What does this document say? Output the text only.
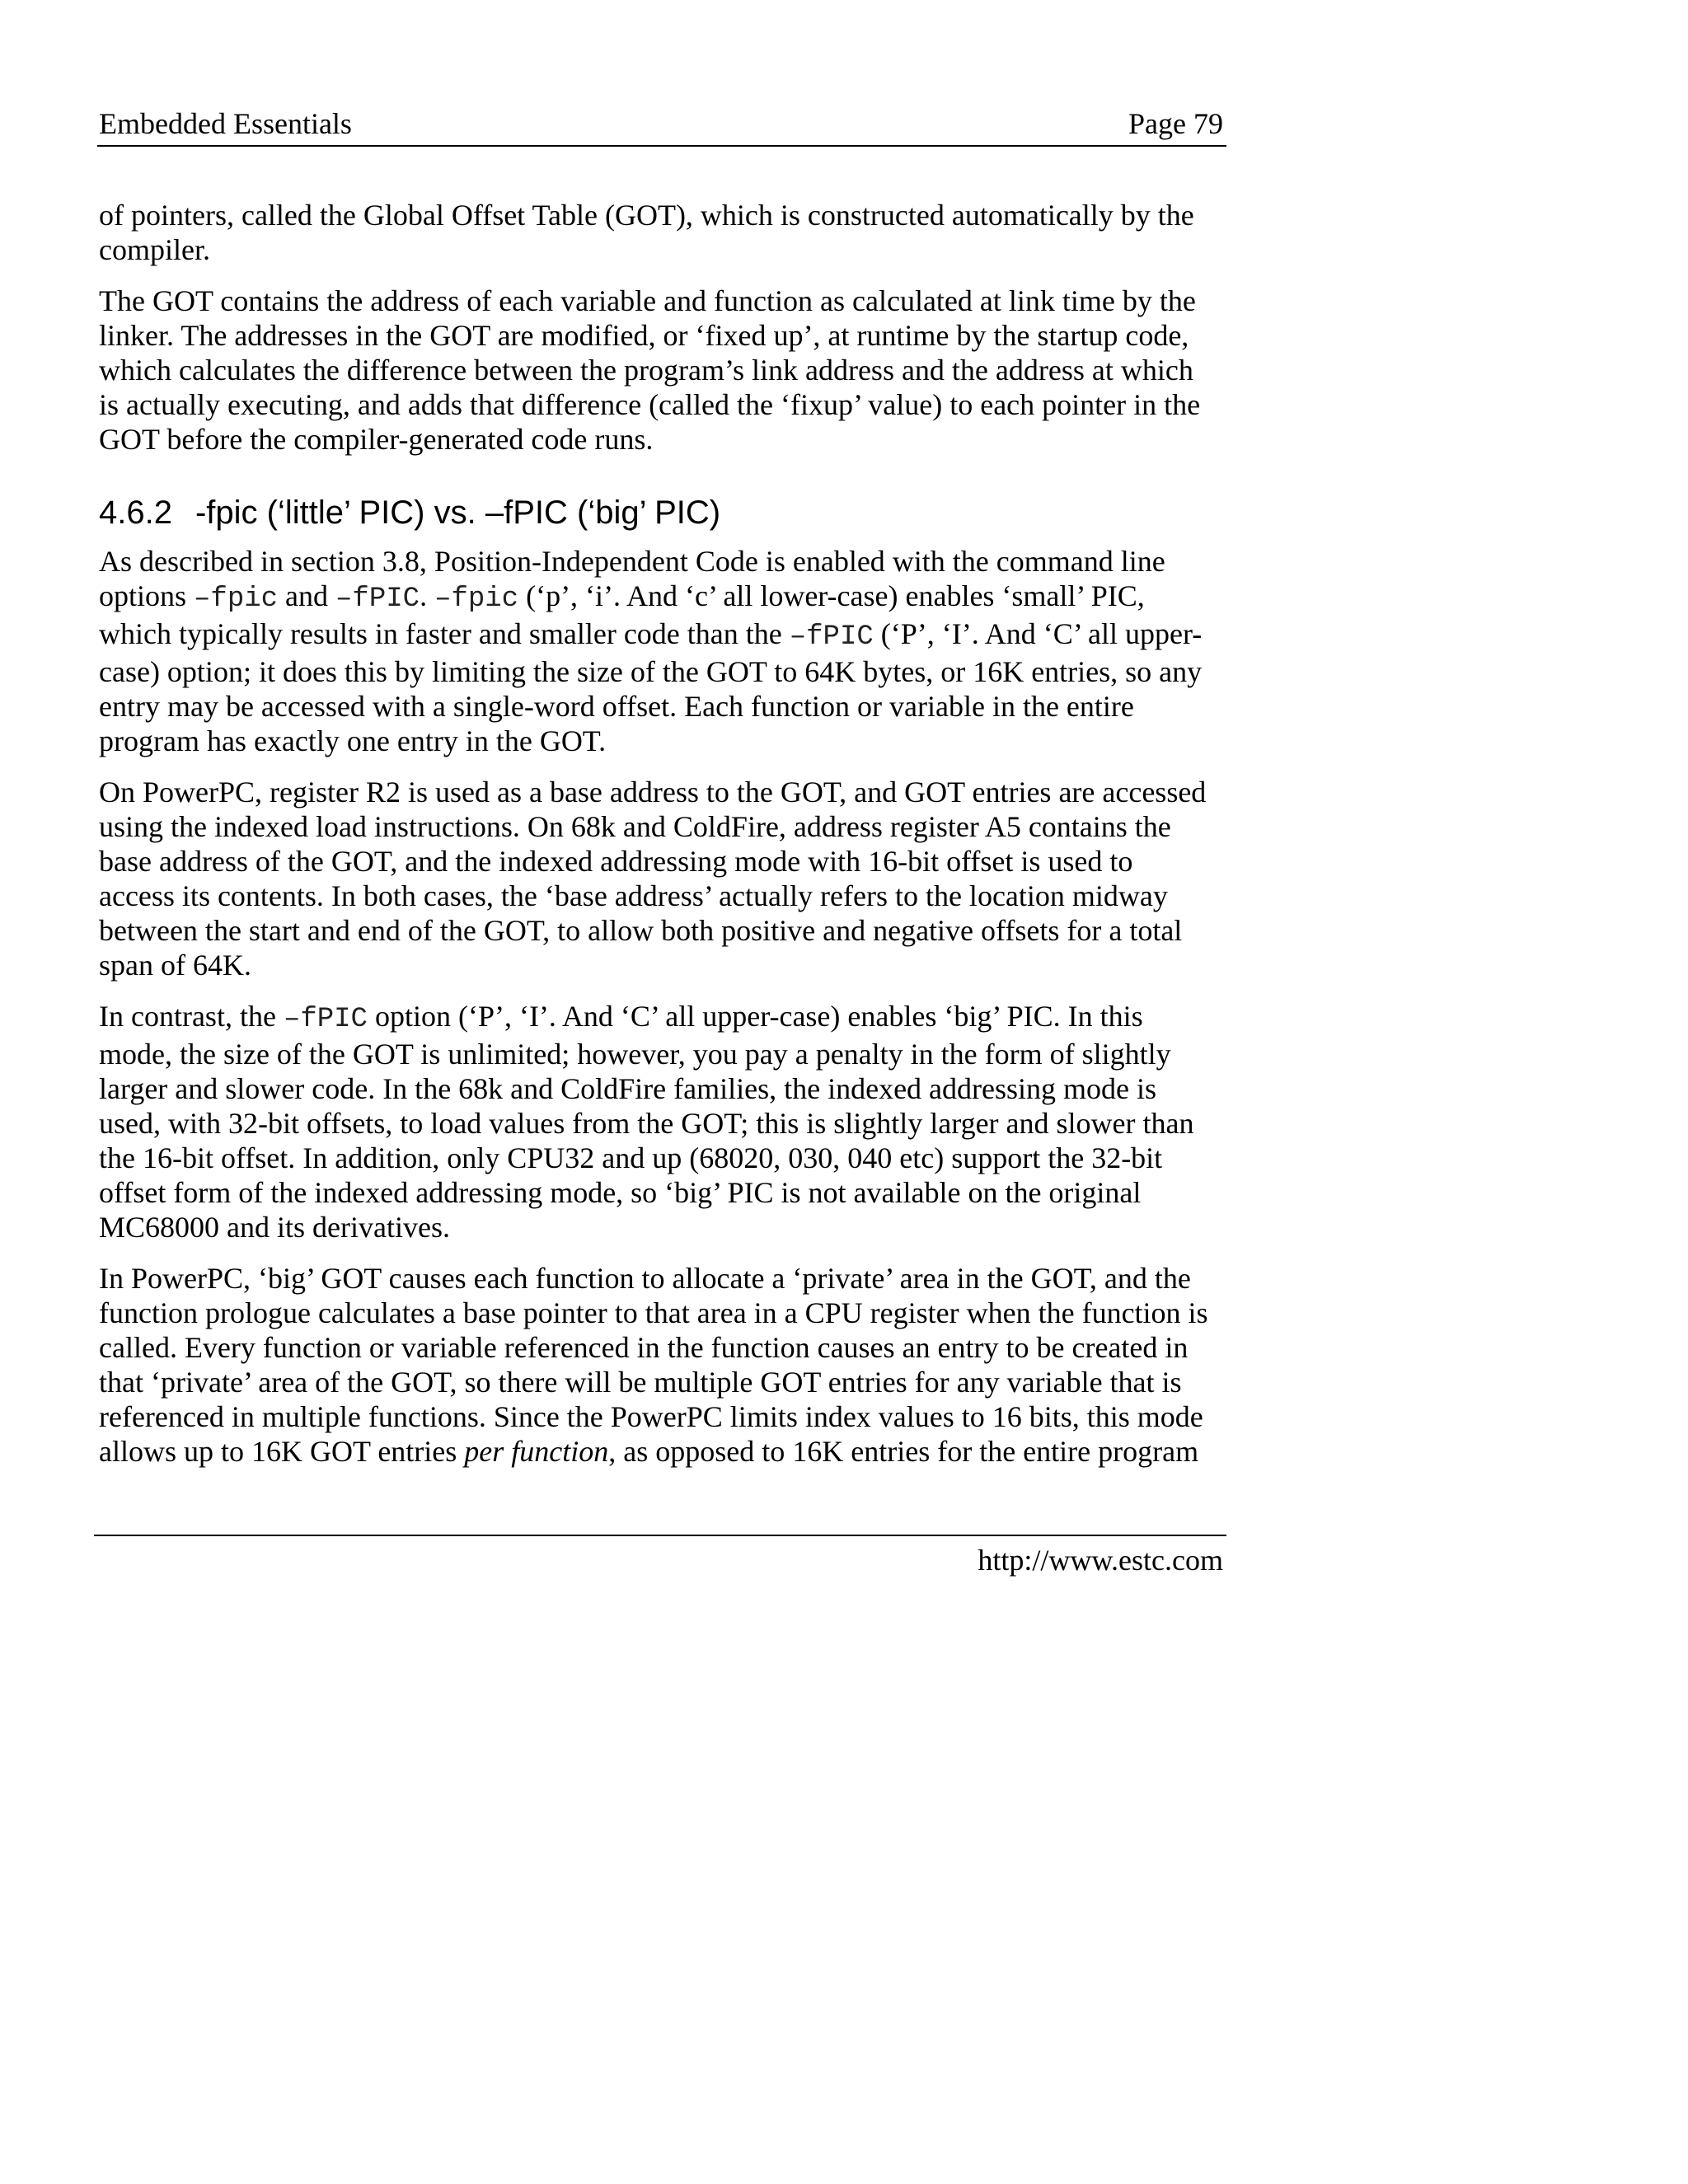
Embedded Essentials	Page 79

of pointers, called the Global Offset Table (GOT), which is constructed automatically by the
compiler.

The GOT contains the address of each variable and function as calculated at link time by the
linker. The addresses in the GOT are modified, or ‘fixed up’, at runtime by the startup code,
which calculates the difference between the program’s link address and the address at which
is actually executing, and adds that difference (called the ‘fixup’ value) to each pointer in the
GOT before the compiler-generated code runs.

4.6.2 -fpic (‘little’ PIC) vs. –fPIC (‘big’ PIC)

As described in section 3.8, Position-Independent Code is enabled with the command line
options –fpic and –fPIC. –fpic (‘p’, ‘i’. And ‘c’ all lower-case) enables ‘small’ PIC,
which typically results in faster and smaller code than the –fPIC (‘P’, ‘I’. And ‘C’ all upper-
case) option; it does this by limiting the size of the GOT to 64K bytes, or 16K entries, so any
entry may be accessed with a single-word offset. Each function or variable in the entire
program has exactly one entry in the GOT.

On PowerPC, register R2 is used as a base address to the GOT, and GOT entries are accessed
using the indexed load instructions. On 68k and ColdFire, address register A5 contains the
base address of the GOT, and the indexed addressing mode with 16-bit offset is used to
access its contents. In both cases, the ‘base address’ actually refers to the location midway
between the start and end of the GOT, to allow both positive and negative offsets for a total
span of 64K.

In contrast, the –fPIC option (‘P’, ‘I’. And ‘C’ all upper-case) enables ‘big’ PIC. In this
mode, the size of the GOT is unlimited; however, you pay a penalty in the form of slightly
larger and slower code. In the 68k and ColdFire families, the indexed addressing mode is
used, with 32-bit offsets, to load values from the GOT; this is slightly larger and slower than
the 16-bit offset. In addition, only CPU32 and up (68020, 030, 040 etc) support the 32-bit
offset form of the indexed addressing mode, so ‘big’ PIC is not available on the original
MC68000 and its derivatives.

In PowerPC, ‘big’ GOT causes each function to allocate a ‘private’ area in the GOT, and the
function prologue calculates a base pointer to that area in a CPU register when the function is
called. Every function or variable referenced in the function causes an entry to be created in
that ‘private’ area of the GOT, so there will be multiple GOT entries for any variable that is
referenced in multiple functions. Since the PowerPC limits index values to 16 bits, this mode
allows up to 16K GOT entries per function, as opposed to 16K entries for the entire program

http://www.estc.com
